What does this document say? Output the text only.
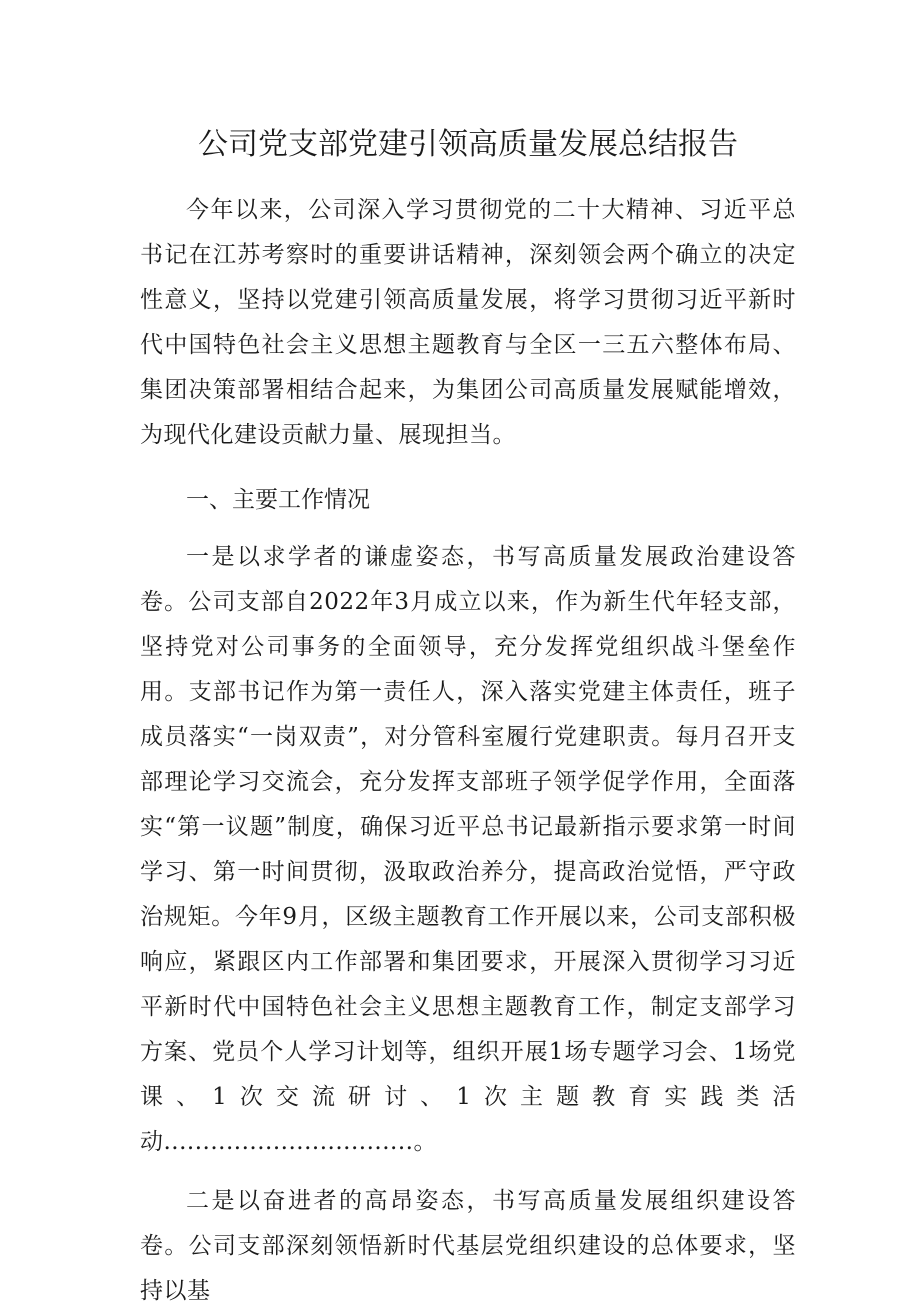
公司党支部党建引领高质量发展总结报告

今年以来，公司深入学习贯彻党的二十大精神、习近平总书记在江苏考察时的重要讲话精神，深刻领会两个确立的决定性意义，坚持以党建引领高质量发展，将学习贯彻习近平新时代中国特色社会主义思想主题教育与全区一三五六整体布局、集团决策部署相结合起来，为集团公司高质量发展赋能增效，为现代化建设贡献力量、展现担当。

一、主要工作情况

一是以求学者的谦虚姿态，书写高质量发展政治建设答卷。公司支部自2022年3月成立以来，作为新生代年轻支部，坚持党对公司事务的全面领导，充分发挥党组织战斗堡垒作用。支部书记作为第一责任人，深入落实党建主体责任，班子成员落实“一岗双责”，对分管科室履行党建职责。每月召开支部理论学习交流会，充分发挥支部班子领学促学作用，全面落实“第一议题”制度，确保习近平总书记最新指示要求第一时间学习、第一时间贯彻，汲取政治养分，提高政治觉悟，严守政治规矩。今年9月，区级主题教育工作开展以来，公司支部积极响应，紧跟区内工作部署和集团要求，开展深入贯彻学习习近平新时代中国特色社会主义思想主题教育工作，制定支部学习方案、党员个人学习计划等，组织开展1场专题学习会、1场党课、1次交流研讨、1次主题教育实践类活动................................。

二是以奋进者的高昂姿态，书写高质量发展组织建设答卷。公司支部深刻领悟新时代基层党组织建设的总体要求，坚持以基
